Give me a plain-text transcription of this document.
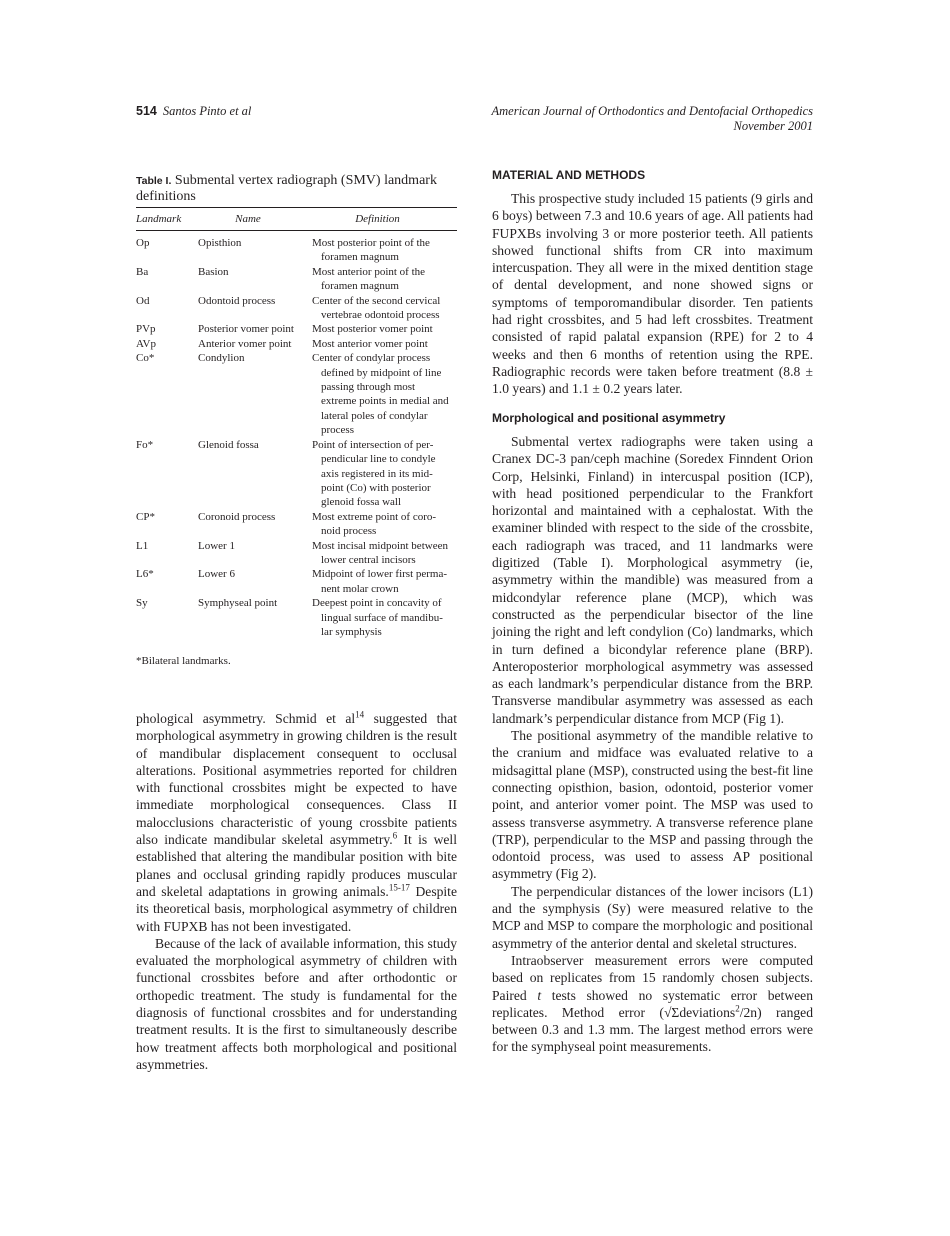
514 Santos Pinto et al	American Journal of Orthodontics and Dentofacial Orthopedics
November 2001
Table I. Submental vertex radiograph (SMV) landmark definitions
Landmark	Name	Definition
Op	Opisthion	Most posterior point of the
foramen magnum
Ba	Basion	Most anterior point of the
foramen magnum
Od	Odontoid process	Center of the second cervical
vertebrae odontoid process
PVp	Posterior vomer point	Most posterior vomer point
AVp	Anterior vomer point	Most anterior vomer point
Co*	Condylion	Center of condylar process
defined by midpoint of line
passing through most
extreme points in medial and
lateral poles of condylar
process
Fo*	Glenoid fossa	Point of intersection of per-
pendicular line to condyle
axis registered in its mid-
point (Co) with posterior
glenoid fossa wall
CP*	Coronoid process	Most extreme point of coro-
noid process
L1	Lower 1	Most incisal midpoint between
lower central incisors
L6*	Lower 6	Midpoint of lower first perma-
nent molar crown
Sy	Symphyseal point	Deepest point in concavity of
lingual surface of mandibu-
lar symphysis
*Bilateral landmarks.

phological asymmetry. Schmid et $al^{14}$ suggested that morphological asymmetry in growing children is the result of mandibular displacement consequent to occlusal alterations. Positional asymmetries reported for children with functional crossbites might be expected to have immediate morphological consequences. Class II malocclusions characteristic of young crossbite patients also indicate mandibular skeletal asymmetry.$^6$ It is well established that altering the mandibular position with bite planes and occlusal grinding rapidly produces muscular and skeletal adaptations in growing animals.$^{15-17}$ Despite its theoretical basis, morphological asymmetry of children with FUPXB has not been investigated.

Because of the lack of available information, this study evaluated the morphological asymmetry of children with functional crossbites before and after orthodontic or orthopedic treatment. The study is fundamental for the diagnosis of functional crossbites and for understanding treatment results. It is the first to simultaneously describe how treatment affects both morphological and positional asymmetries.

MATERIAL AND METHODS

This prospective study included 15 patients (9 girls and 6 boys) between 7.3 and 10.6 years of age. All patients had FUPXBs involving 3 or more posterior teeth. All patients showed functional shifts from CR into maximum intercuspation. They all were in the mixed dentition stage of dental development, and none showed signs or symptoms of temporomandibular disorder. Ten patients had right crossbites, and 5 had left crossbites. Treatment consisted of rapid palatal expansion (RPE) for 2 to 4 weeks and then 6 months of retention using the RPE. Radiographic records were taken before treatment (8.8 ± 1.0 years) and 1.1 ± 0.2 years later.

Morphological and positional asymmetry

Submental vertex radiographs were taken using a Cranex DC-3 pan/ceph machine (Soredex Finndent Orion Corp, Helsinki, Finland) in intercuspal position (ICP), with head positioned perpendicular to the Frankfort horizontal and maintained with a cephalostat. With the examiner blinded with respect to the side of the crossbite, each radiograph was traced, and 11 landmarks were digitized (Table I). Morphological asymmetry (ie, asymmetry within the mandible) was measured from a midcondylar reference plane (MCP), which was constructed as the perpendicular bisector of the line joining the right and left condylion (Co) landmarks, which in turn defined a bicondylar reference plane (BRP). Anteroposterior morphological asymmetry was assessed as each landmark’s perpendicular distance from the BRP. Transverse mandibular asymmetry was assessed as each landmark’s perpendicular distance from MCP (Fig 1).

The positional asymmetry of the mandible relative to the cranium and midface was evaluated relative to a midsagittal plane (MSP), constructed using the best-fit line connecting opisthion, basion, odontoid, posterior vomer point, and anterior vomer point. The MSP was used to assess transverse asymmetry. A transverse reference plane (TRP), perpendicular to the MSP and passing through the odontoid process, was used to assess AP positional asymmetry (Fig 2).

The perpendicular distances of the lower incisors (L1) and the symphysis (Sy) were measured relative to the MCP and MSP to compare the morphologic and positional asymmetry of the anterior dental and skeletal structures.

Intraobserver measurement errors were computed based on replicates from 15 randomly chosen subjects. Paired t tests showed no systematic error between replicates. Method error (√Σdeviations$^2$/2n) ranged between 0.3 and 1.3 mm. The largest method errors were for the symphyseal point measurements.
